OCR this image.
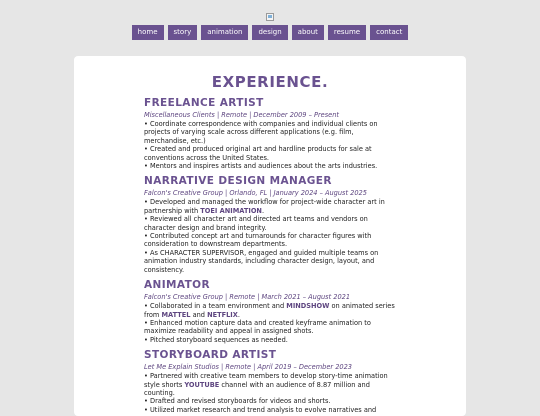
home	story	animation	design	about	resume	contact
EXPERIENCE.
FREELANCE ARTIST
Miscellaneous Clients | Remote | December 2009 – Present

• Coordinate correspondence with companies and individual clients on projects of varying scale across different applications (e.g. film, merchandise, etc.)

• Created and produced original art and hardline products for sale at conventions across the United States.

• Mentors and inspires artists and audiences about the arts industries.

NARRATIVE DESIGN MANAGER
Falcon's Creative Group | Orlando, FL | January 2024 – August 2025

• Developed and managed the workflow for project-wide character art in partnership with TOEI ANIMATION.

• Reviewed all character art and directed art teams and vendors on character design and brand integrity.

• Contributed concept art and turnarounds for character figures with consideration to downstream departments.

• As CHARACTER SUPERVISOR, engaged and guided multiple teams on animation industry standards, including character design, layout, and consistency.

ANIMATOR
Falcon's Creative Group | Remote | March 2021 – August 2021

• Collaborated in a team environment and MINDSHOW on animated series from MATTEL and NETFLIX.

• Enhanced motion capture data and created keyframe animation to maximize readability and appeal in assigned shots.

• Pitched storyboard sequences as needed.

STORYBOARD ARTIST
Let Me Explain Studios | Remote | April 2019 – December 2023

• Partnered with creative team members to develop story-time animation style shorts YOUTUBE channel with an audience of 8.87 million and counting.

• Drafted and revised storyboards for videos and shorts.

• Utilized market research and trend analysis to evolve narratives and
